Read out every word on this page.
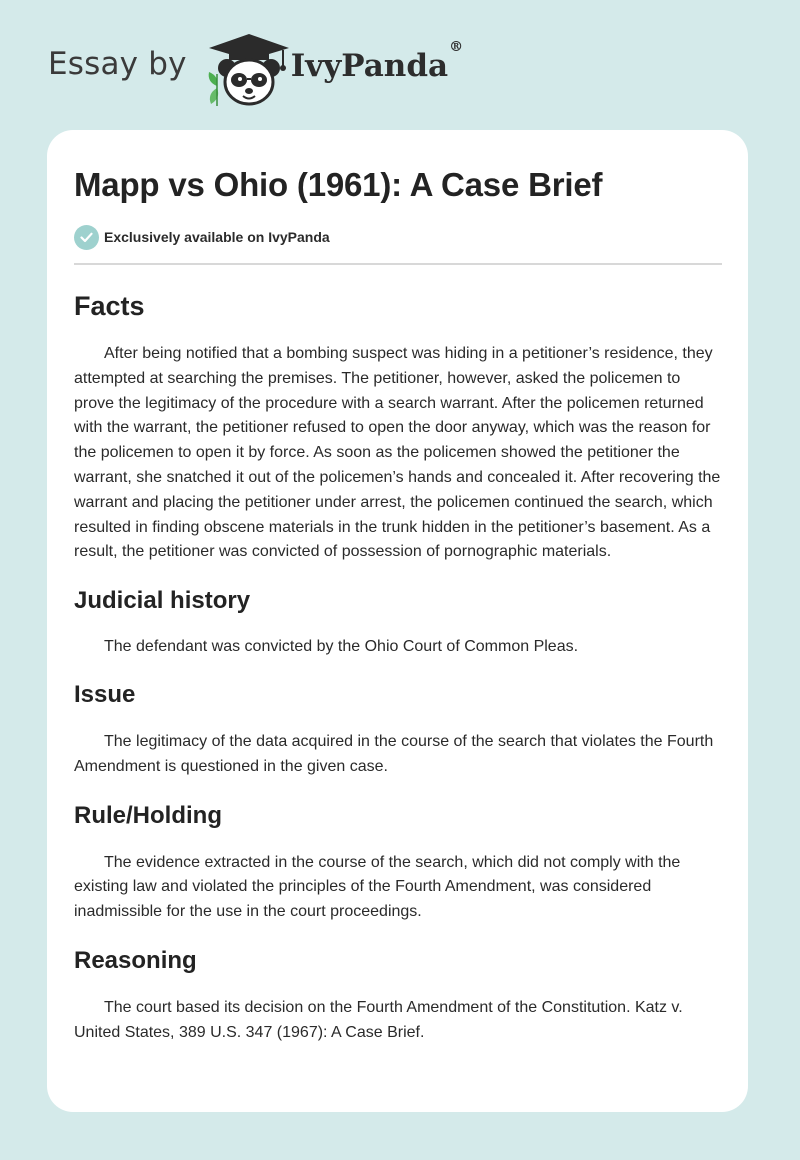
Essay by	IvyPanda®
Mapp vs Ohio (1961): A Case Brief
Exclusively available on IvyPanda
Facts

After being notified that a bombing suspect was hiding in a petitioner’s residence, they attempted at searching the premises. The petitioner, however, asked the policemen to prove the legitimacy of the procedure with a search warrant. After the policemen returned with the warrant, the petitioner refused to open the door anyway, which was the reason for the policemen to open it by force. As soon as the policemen showed the petitioner the warrant, she snatched it out of the policemen’s hands and concealed it. After recovering the warrant and placing the petitioner under arrest, the policemen continued the search, which resulted in finding obscene materials in the trunk hidden in the petitioner’s basement. As a result, the petitioner was convicted of possession of pornographic materials.

Judicial history

The defendant was convicted by the Ohio Court of Common Pleas.

Issue

The legitimacy of the data acquired in the course of the search that violates the Fourth Amendment is questioned in the given case.

Rule/Holding

The evidence extracted in the course of the search, which did not comply with the existing law and violated the principles of the Fourth Amendment, was considered inadmissible for the use in the court proceedings.

Reasoning

The court based its decision on the Fourth Amendment of the Constitution. Katz v. United States, 389 U.S. 347 (1967): A Case Brief.
